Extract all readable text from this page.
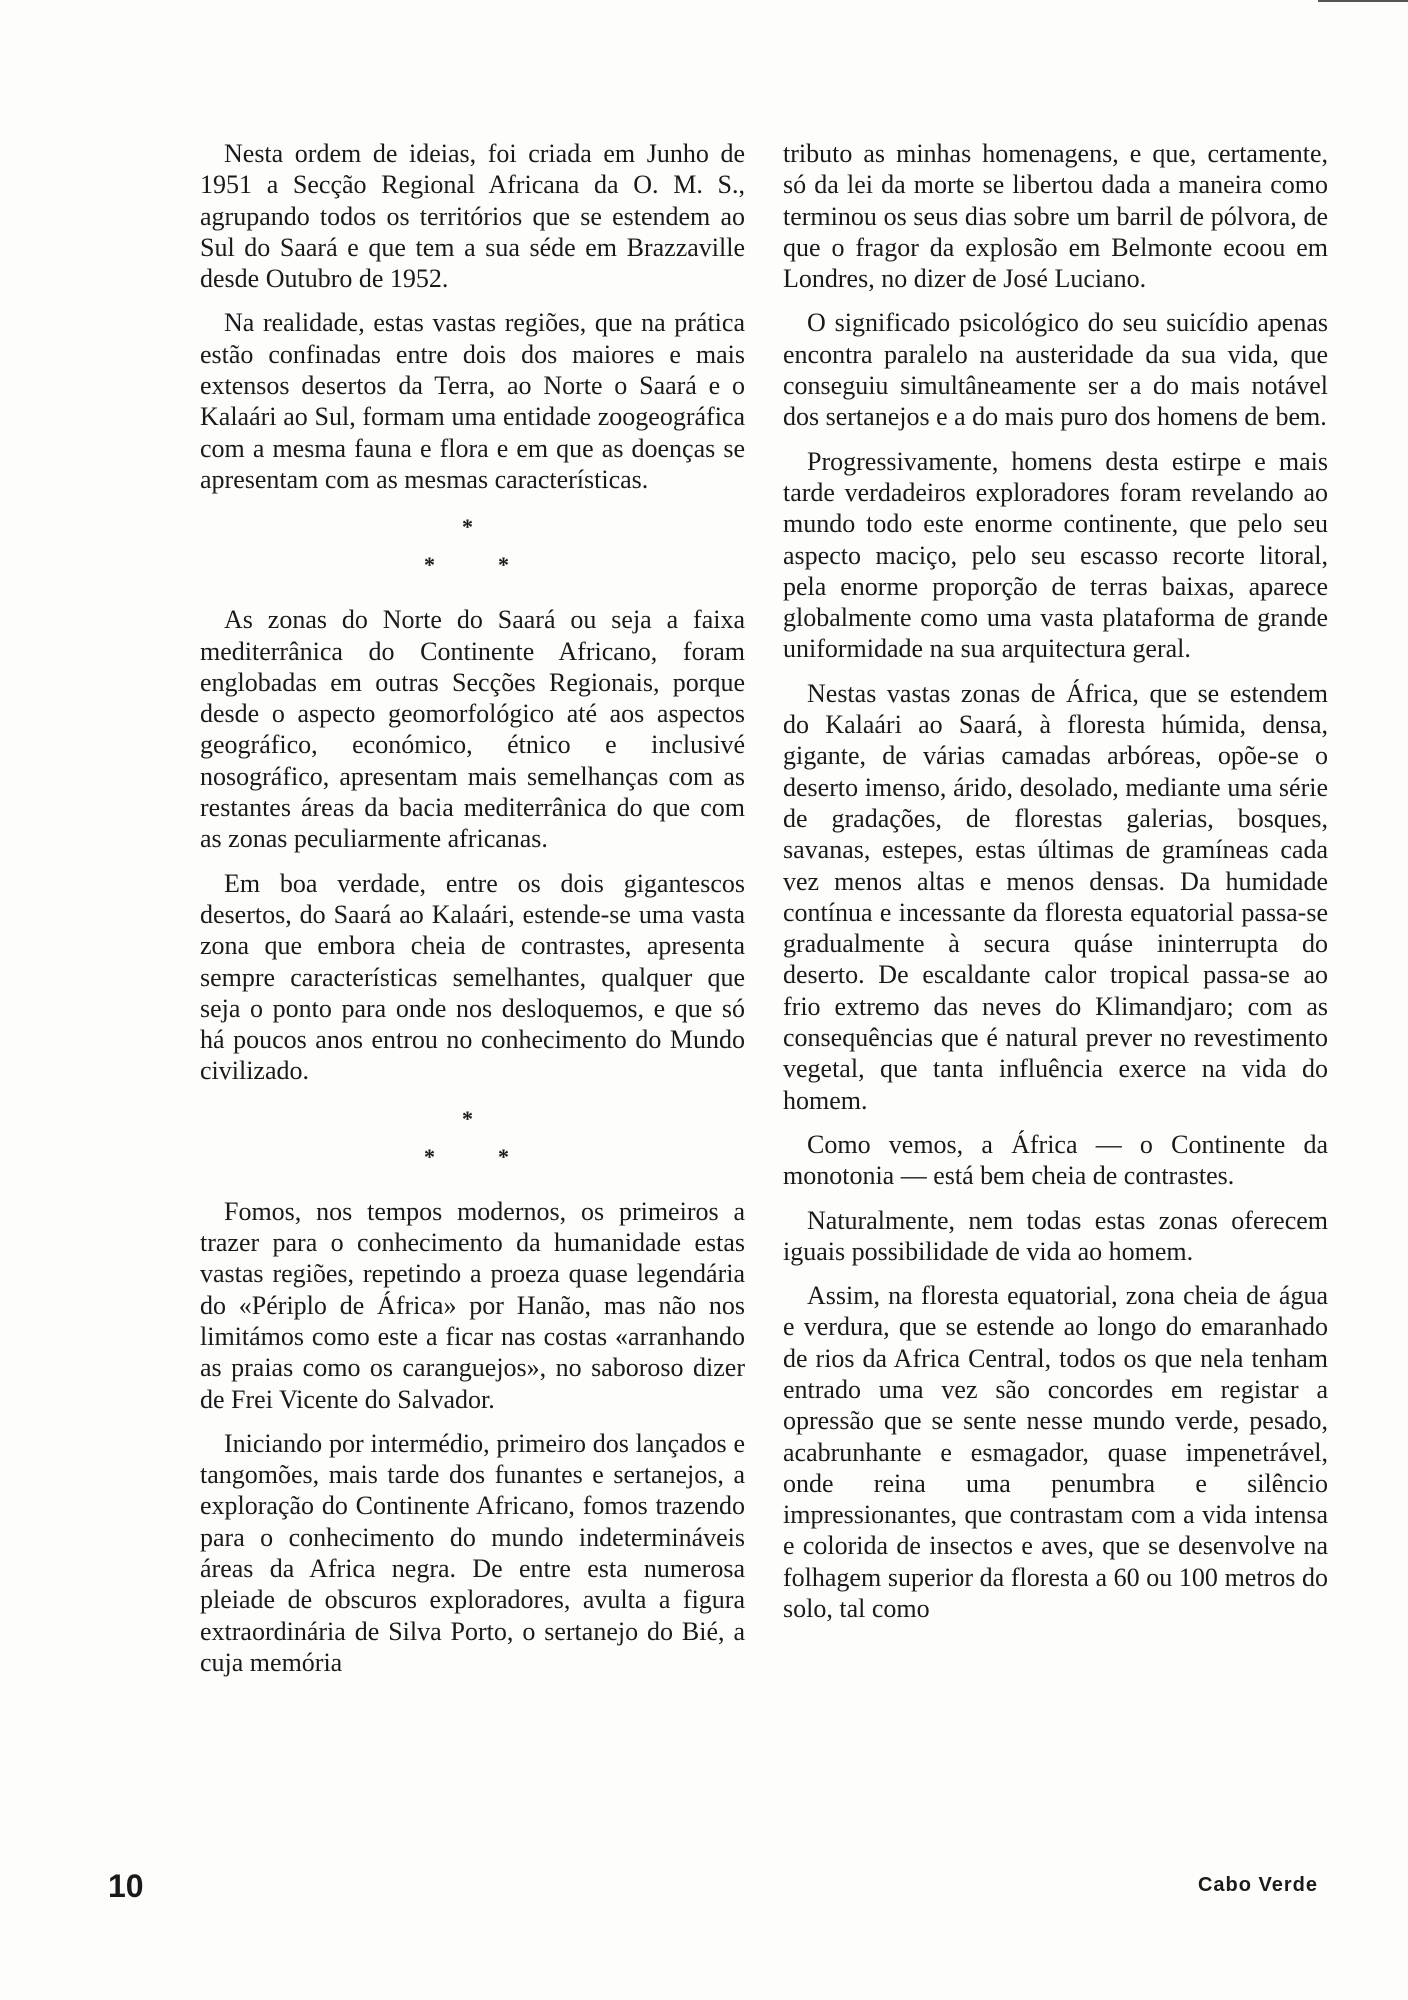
Nesta ordem de ideias, foi criada em Junho de 1951 a Secção Regional Africana da O. M. S., agrupando todos os territórios que se estendem ao Sul do Saará e que tem a sua séde em Brazzaville desde Outubro de 1952.

Na realidade, estas vastas regiões, que na prática estão confinadas entre dois dos maiores e mais extensos desertos da Terra, ao Norte o Saará e o Kalaári ao Sul, formam uma entidade zoogeográfica com a mesma fauna e flora e em que as doenças se apresentam com as mesmas características.

*
*	*

As zonas do Norte do Saará ou seja a faixa mediterrânica do Continente Africano, foram englobadas em outras Secções Regionais, porque desde o aspecto geomorfológico até aos aspectos geográfico, económico, étnico e inclusivé nosográfico, apresentam mais semelhanças com as restantes áreas da bacia mediterrânica do que com as zonas peculiarmente africanas.

Em boa verdade, entre os dois gigantescos desertos, do Saará ao Kalaári, estende-se uma vasta zona que embora cheia de contrastes, apresenta sempre características semelhantes, qualquer que seja o ponto para onde nos desloquemos, e que só há poucos anos entrou no conhecimento do Mundo civilizado.

*
*	*

Fomos, nos tempos modernos, os primeiros a trazer para o conhecimento da humanidade estas vastas regiões, repetindo a proeza quase legendária do «Périplo de África» por Hanão, mas não nos limitámos como este a ficar nas costas «arranhando as praias como os caranguejos», no saboroso dizer de Frei Vicente do Salvador.

Iniciando por intermédio, primeiro dos lançados e tangomões, mais tarde dos funantes e sertanejos, a exploração do Continente Africano, fomos trazendo para o conhecimento do mundo indetermináveis áreas da Africa negra. De entre esta numerosa pleiade de obscuros exploradores, avulta a figura extraordinária de Silva Porto, o sertanejo do Bié, a cuja memória

tributo as minhas homenagens, e que, certamente, só da lei da morte se libertou dada a maneira como terminou os seus dias sobre um barril de pólvora, de que o fragor da explosão em Belmonte ecoou em Londres, no dizer de José Luciano.

O significado psicológico do seu suicídio apenas encontra paralelo na austeridade da sua vida, que conseguiu simultâneamente ser a do mais notável dos sertanejos e a do mais puro dos homens de bem.

Progressivamente, homens desta estirpe e mais tarde verdadeiros exploradores foram revelando ao mundo todo este enorme continente, que pelo seu aspecto maciço, pelo seu escasso recorte litoral, pela enorme proporção de terras baixas, aparece globalmente como uma vasta plataforma de grande uniformidade na sua arquitectura geral.

Nestas vastas zonas de África, que se estendem do Kalaári ao Saará, à floresta húmida, densa, gigante, de várias camadas arbóreas, opõe-se o deserto imenso, árido, desolado, mediante uma série de gradações, de florestas galerias, bosques, savanas, estepes, estas últimas de gramíneas cada vez menos altas e menos densas. Da humidade contínua e incessante da floresta equatorial passa-se gradualmente à secura quáse ininterrupta do deserto. De escaldante calor tropical passa-se ao frio extremo das neves do Klimandjaro; com as consequências que é natural prever no revestimento vegetal, que tanta influência exerce na vida do homem.

Como vemos, a África — o Continente da monotonia — está bem cheia de contrastes.

Naturalmente, nem todas estas zonas oferecem iguais possibilidade de vida ao homem.

Assim, na floresta equatorial, zona cheia de água e verdura, que se estende ao longo do emaranhado de rios da Africa Central, todos os que nela tenham entrado uma vez são concordes em registar a opressão que se sente nesse mundo verde, pesado, acabrunhante e esmagador, quase impenetrável, onde reina uma penumbra e silêncio impressionantes, que contrastam com a vida intensa e colorida de insectos e aves, que se desenvolve na folhagem superior da floresta a 60 ou 100 metros do solo, tal como

10	Cabo Verde
